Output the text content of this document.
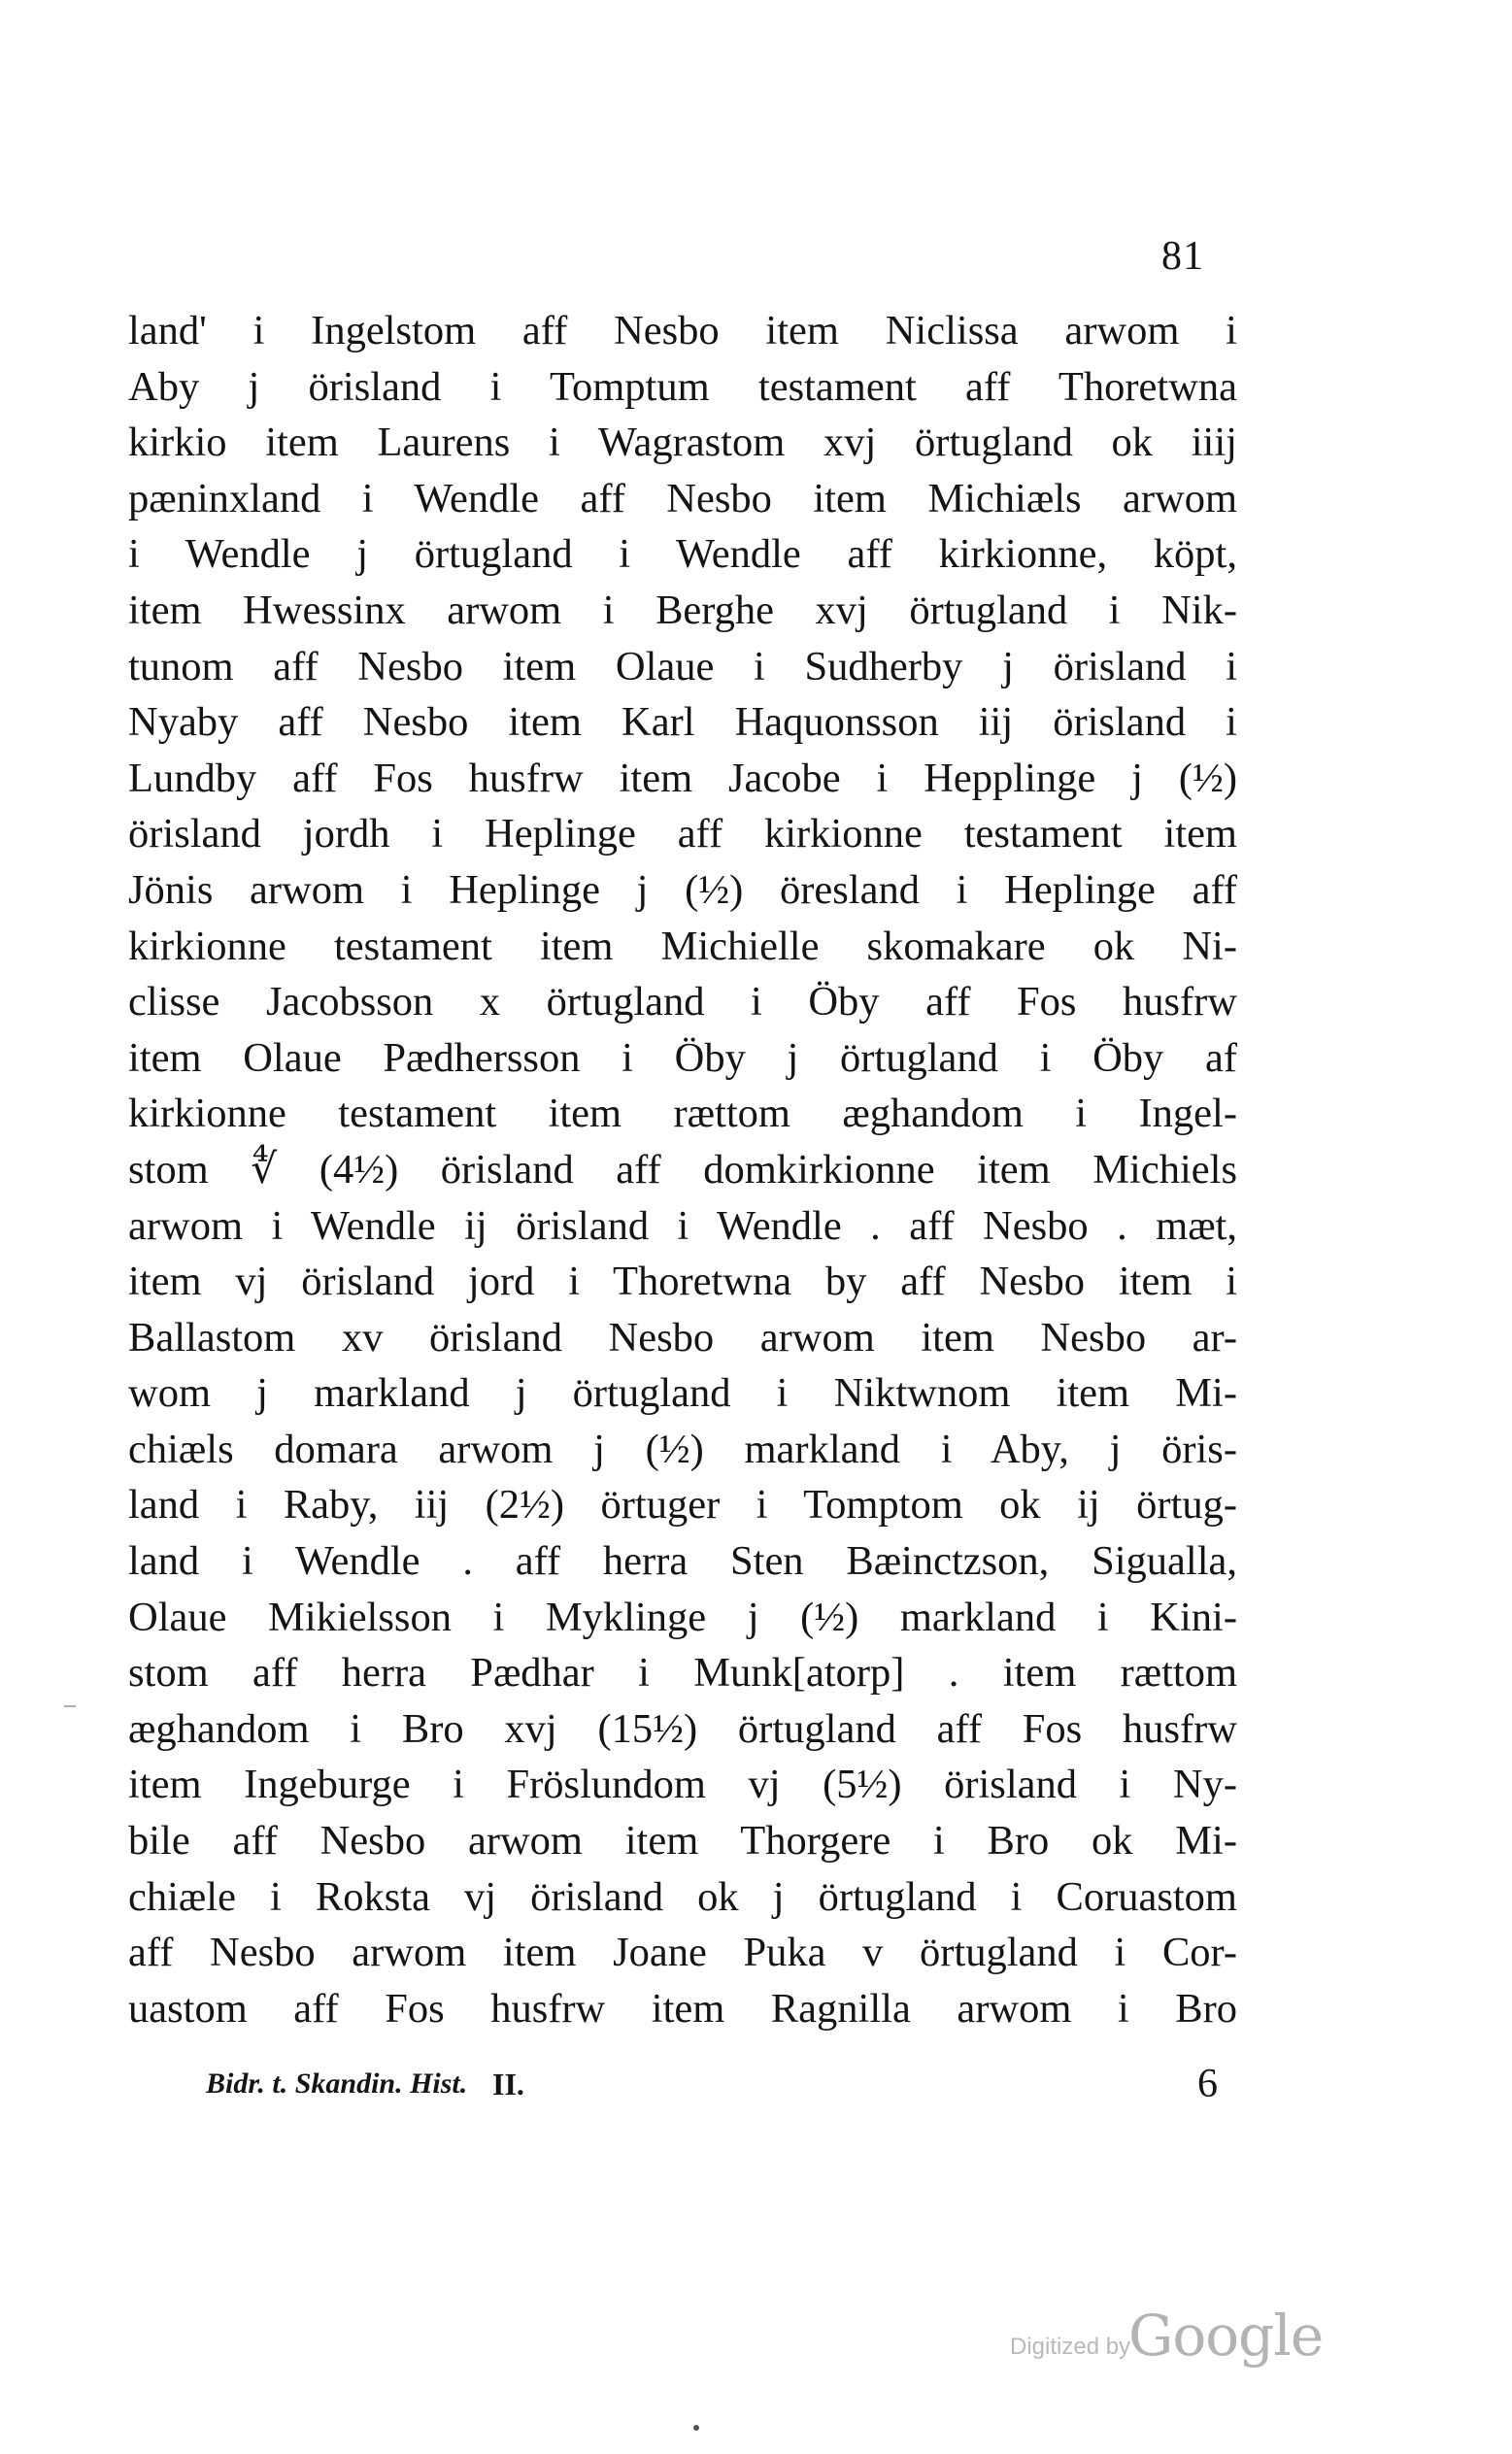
81
land' i Ingelstom aff Nesbo item Niclissa arwom i
Aby j örisland i Tomptum testament aff Thoretwna
kirkio item Laurens i Wagrastom xvj örtugland ok iiij
pæninxland i Wendle aff Nesbo item Michiæls arwom
i Wendle j örtugland i Wendle aff kirkionne, köpt,
item Hwessinx arwom i Berghe xvj örtugland i Nik-
tunom aff Nesbo item Olaue i Sudherby j örisland i
Nyaby aff Nesbo item Karl Haquonsson iij örisland i
Lundby aff Fos husfrw item Jacobe i Hepplinge j (½)
örisland jordh i Heplinge aff kirkionne testament item
Jönis arwom i Heplinge j (½) öresland i Heplinge aff
kirkionne testament item Michielle skomakare ok Ni-
clisse Jacobsson x örtugland i Öby aff Fos husfrw
item Olaue Pædhersson i Öby j örtugland i Öby af
kirkionne testament item rættom æghandom i Ingel-
stom ∜ (4½) örisland aff domkirkionne item Michiels
arwom i Wendle ij örisland i Wendle . aff Nesbo . mæt,
item vj örisland jord i Thoretwna by aff Nesbo item i
Ballastom xv örisland Nesbo arwom item Nesbo ar-
wom j markland j örtugland i Niktwnom item Mi-
chiæls domara arwom j (½) markland i Aby, j öris-
land i Raby, iij (2½) örtuger i Tomptom ok ij örtug-
land i Wendle . aff herra Sten Bæinctzson, Sigualla,
Olaue Mikielsson i Myklinge j (½) markland i Kini-
stom aff herra Pædhar i Munk[atorp] . item rættom
æghandom i Bro xvj (15½) örtugland aff Fos husfrw
item Ingeburge i Fröslundom vj (5½) örisland i Ny-
bile aff Nesbo arwom item Thorgere i Bro ok Mi-
chiæle i Roksta vj örisland ok j örtugland i Coruastom
aff Nesbo arwom item Joane Puka v örtugland i Cor-
uastom aff Fos husfrw item Ragnilla arwom i Bro
Bidr. t. Skandin. Hist. II.	6
Digitized by
Google
